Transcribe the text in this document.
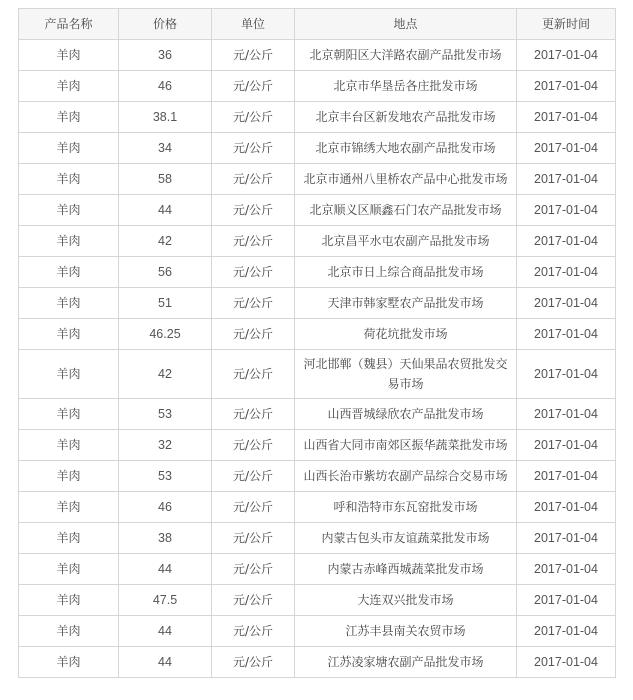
产品名称	价格	单位	地点	更新时间
羊肉	36	元/公斤	北京朝阳区大洋路农副产品批发市场	2017-01-04
羊肉	46	元/公斤	北京市华垦岳各庄批发市场	2017-01-04
羊肉	38.1	元/公斤	北京丰台区新发地农产品批发市场	2017-01-04
羊肉	34	元/公斤	北京市锦绣大地农副产品批发市场	2017-01-04
羊肉	58	元/公斤	北京市通州八里桥农产品中心批发市场	2017-01-04
羊肉	44	元/公斤	北京顺义区顺鑫石门农产品批发市场	2017-01-04
羊肉	42	元/公斤	北京昌平水屯农副产品批发市场	2017-01-04
羊肉	56	元/公斤	北京市日上综合商品批发市场	2017-01-04
羊肉	51	元/公斤	天津市韩家墅农产品批发市场	2017-01-04
羊肉	46.25	元/公斤	荷花坑批发市场	2017-01-04
羊肉	42	元/公斤	河北邯郸（魏县）天仙果品农贸批发交易市场	2017-01-04
羊肉	53	元/公斤	山西晋城绿欣农产品批发市场	2017-01-04
羊肉	32	元/公斤	山西省大同市南郊区振华蔬菜批发市场	2017-01-04
羊肉	53	元/公斤	山西长治市紫坊农副产品综合交易市场	2017-01-04
羊肉	46	元/公斤	呼和浩特市东瓦窑批发市场	2017-01-04
羊肉	38	元/公斤	内蒙古包头市友谊蔬菜批发市场	2017-01-04
羊肉	44	元/公斤	内蒙古赤峰西城蔬菜批发市场	2017-01-04
羊肉	47.5	元/公斤	大连双兴批发市场	2017-01-04
羊肉	44	元/公斤	江苏丰县南关农贸市场	2017-01-04
羊肉	44	元/公斤	江苏凌家塘农副产品批发市场	2017-01-04
